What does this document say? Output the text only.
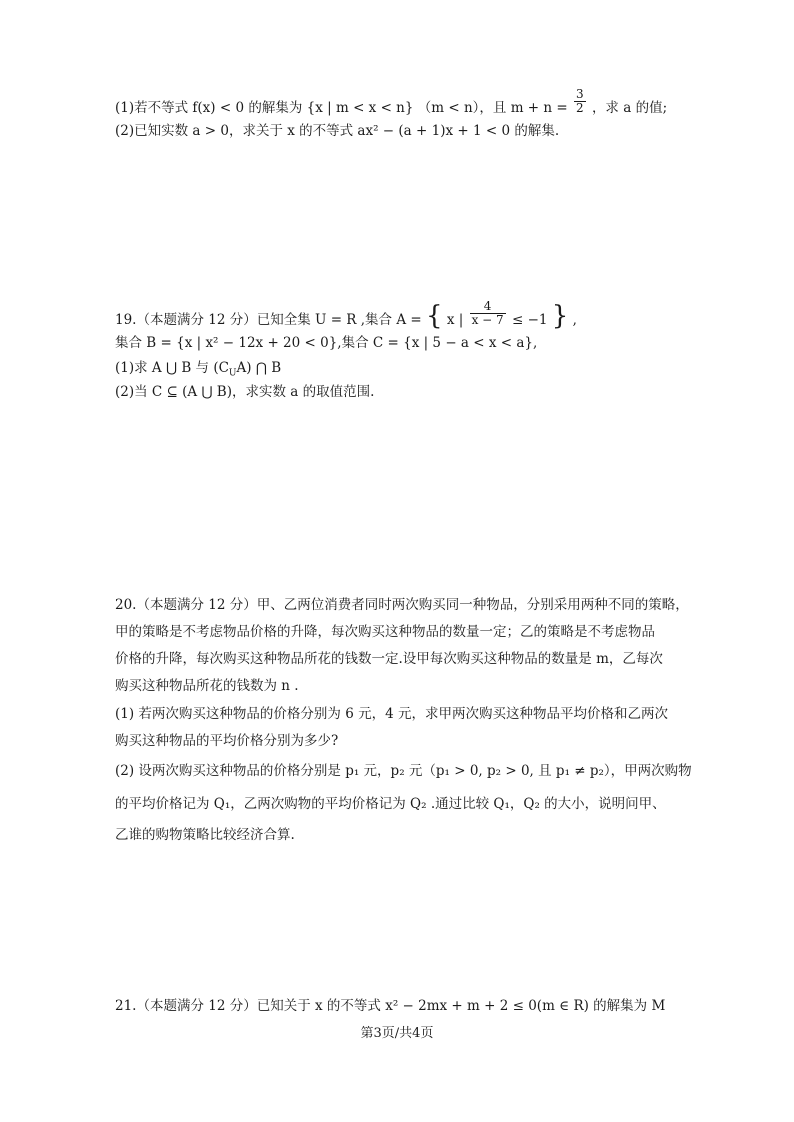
(1)若不等式 f(x) < 0 的解集为 {x | m < x < n} （m < n），且 $m + n = \frac{3}{2}$ ，求 a 的值;
(2)已知实数 a > 0，求关于 x 的不等式 ax² − (a + 1)x + 1 < 0 的解集.
19.（本题满分 12 分）已知全集 U = R ,集合 A = { x | $\frac{4}{x - 7} \le -1$ } ,
集合 B = {x | x² − 12x + 20 < 0},集合 C = {x | 5 − a < x < a},
(1)求 A ⋃ B 与 $(C_UA)$ ⋂ B
(2)当 C ⊆ (A ⋃ B)，求实数 a 的取值范围.
20.（本题满分 12 分）甲、乙两位消费者同时两次购买同一种物品，分别采用两种不同的策略，
甲的策略是不考虑物品价格的升降，每次购买这种物品的数量一定；乙的策略是不考虑物品
价格的升降，每次购买这种物品所花的钱数一定.设甲每次购买这种物品的数量是 m，乙每次
购买这种物品所花的钱数为 n .
(1) 若两次购买这种物品的价格分别为 6 元，4 元，求甲两次购买这种物品平均价格和乙两次
购买这种物品的平均价格分别为多少?
(2) 设两次购买这种物品的价格分别是 p₁ 元，p₂ 元（p₁ > 0, p₂ > 0, 且 p₁ ≠ p₂），甲两次购物
的平均价格记为 Q₁，乙两次购物的平均价格记为 Q₂ .通过比较 Q₁，Q₂ 的大小，说明问甲、
乙谁的购物策略比较经济合算.
21.（本题满分 12 分）已知关于 x 的不等式 x² − 2mx + m + 2 ≤ 0(m ∈ R) 的解集为 M
第3页/共4页
